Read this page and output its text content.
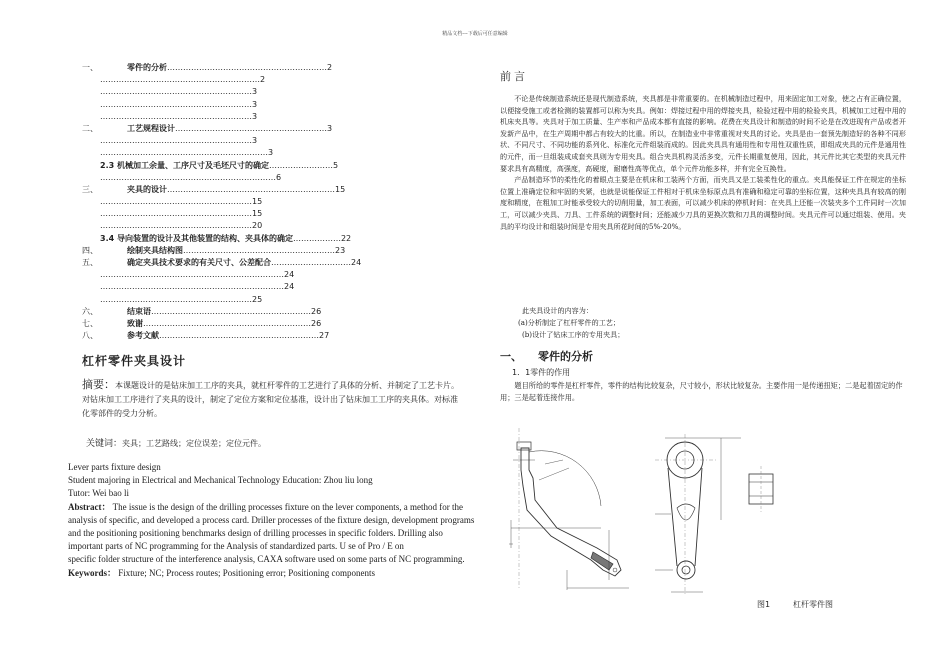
精品文档---下载后可任意编辑
一、	零件的分析……………………………………………………2
……………………………………………………2
…………………………………………………3
…………………………………………………3
…………………………………………………3
二、	工艺规程设计…………………………………………………3
…………………………………………………3
………………………………………………………3
2.3 机械加工余量、工序尺寸及毛坯尺寸的确定……………………5
…………………………………………………………6
三、	夹具的设计………………………………………………………15
…………………………………………………15
…………………………………………………15
…………………………………………………20
3.4 导向装置的设计及其他装置的结构、夹具体的确定………………22
四、	绘制夹具结构图…………………………………………………23
五、	确定夹具技术要求的有关尺寸、公差配合…………………………24
……………………………………………………………24
……………………………………………………………24
…………………………………………………25
六、	结束语……………………………………………………26
七、	致谢………………………………………………………26
八、	参考文献……………………………………………………27
杠杆零件夹具设计
摘要：本课题设计的是钻床加工工序的夹具，就杠杆零件的工艺进行了具体的分析、并制定了工艺卡片。对钻床加工工序进行了夹具的设计，制定了定位方案和定位基准，设计出了钻床加工工序的夹具体。对标准化零部件的受力分析。
关键词：夹具；工艺路线；定位误差；定位元件。
Lever parts fixture design
Student majoring in Electrical and Mechanical Technology Education: Zhou liu long
Tutor: Wei bao li
Abstract： The issue is the design of the drilling processes fixture on the lever components, a method for the analysis of specific, and developed a process card. Driller processes of the fixture design, development programs and the positioning positioning benchmarks design of drilling processes in specific folders. Drilling also important parts of NC programming for the Analysis of standardized parts. U se of Pro / E on
specific folder structure of the interference analysis, CAXA software used on some parts of NC programming.
Keywords： Fixture; NC; Process routes; Positioning error; Positioning components
前言

不论是传统制造系统还是现代制造系统，夹具都是非常重要的。在机械制造过程中，用来固定加工对象，使之占有正确位置，以便接受施工或者检测的装置都可以称为夹具。例如：焊接过程中用的焊接夹具，检验过程中用的检验夹具，机械加工过程中用的机床夹具等。夹具对于加工质量、生产率和产品成本都有直接的影响。花费在夹具设计和制造的时间不论是在改进现有产品或者开发新产品中，在生产周期中都占有较大的比重。所以，在制造业中非常重视对夹具的讨论。夹具是由一套预先制造好的各种不同形状、不同尺寸、不同功能的系列化、标准化元件组装而成的。因此夹具具有通用性和专用性双重性质，即组成夹具的元件是通用性的元件，而一旦组装成成套夹具则为专用夹具。组合夹具机构灵活多变，元件长期重复使用，因此，其元件比其它类型的夹具元件要求具有高精度，高强度，高硬度，耐磨性高等优点，单个元件功能多样，并有完全互换性。

产品制造环节的柔性化的着眼点主要是在机床和工装两个方面，而夹具又是工装柔性化的重点。夹具能保证工件在规定的坐标位置上准确定位和牢固的夹紧，也就是说能保证工件相对于机床坐标原点具有准确和稳定可靠的坐标位置，这种夹具具有较高的刚度和精度，在粗加工时能承受较大的切削用量，加工表面，可以减少机床的停机时间：在夹具上还能一次装夹多个工件同时一次加工，可以减少夹具、刀具、工件系统的调整时间；还能减少刀具的更换次数和刀具的调整时间。夹具元件可以通过组装、使用。夹具的平均设计和组装时间是专用夹具所花时间的5%-20%。

此夹具设计的内容为：
(a)分析制定了杠杆零件的工艺；
(b)设计了钻床工序的专用夹具；
一、 零件的分析
1．1零件的作用
题目所给的零件是杠杆零件，零件的结构比较复杂，尺寸较小，形状比较复杂。主要作用一是传递扭矩；二是起着固定的作用；三是起着连接作用。
图1	杠杆零件图
